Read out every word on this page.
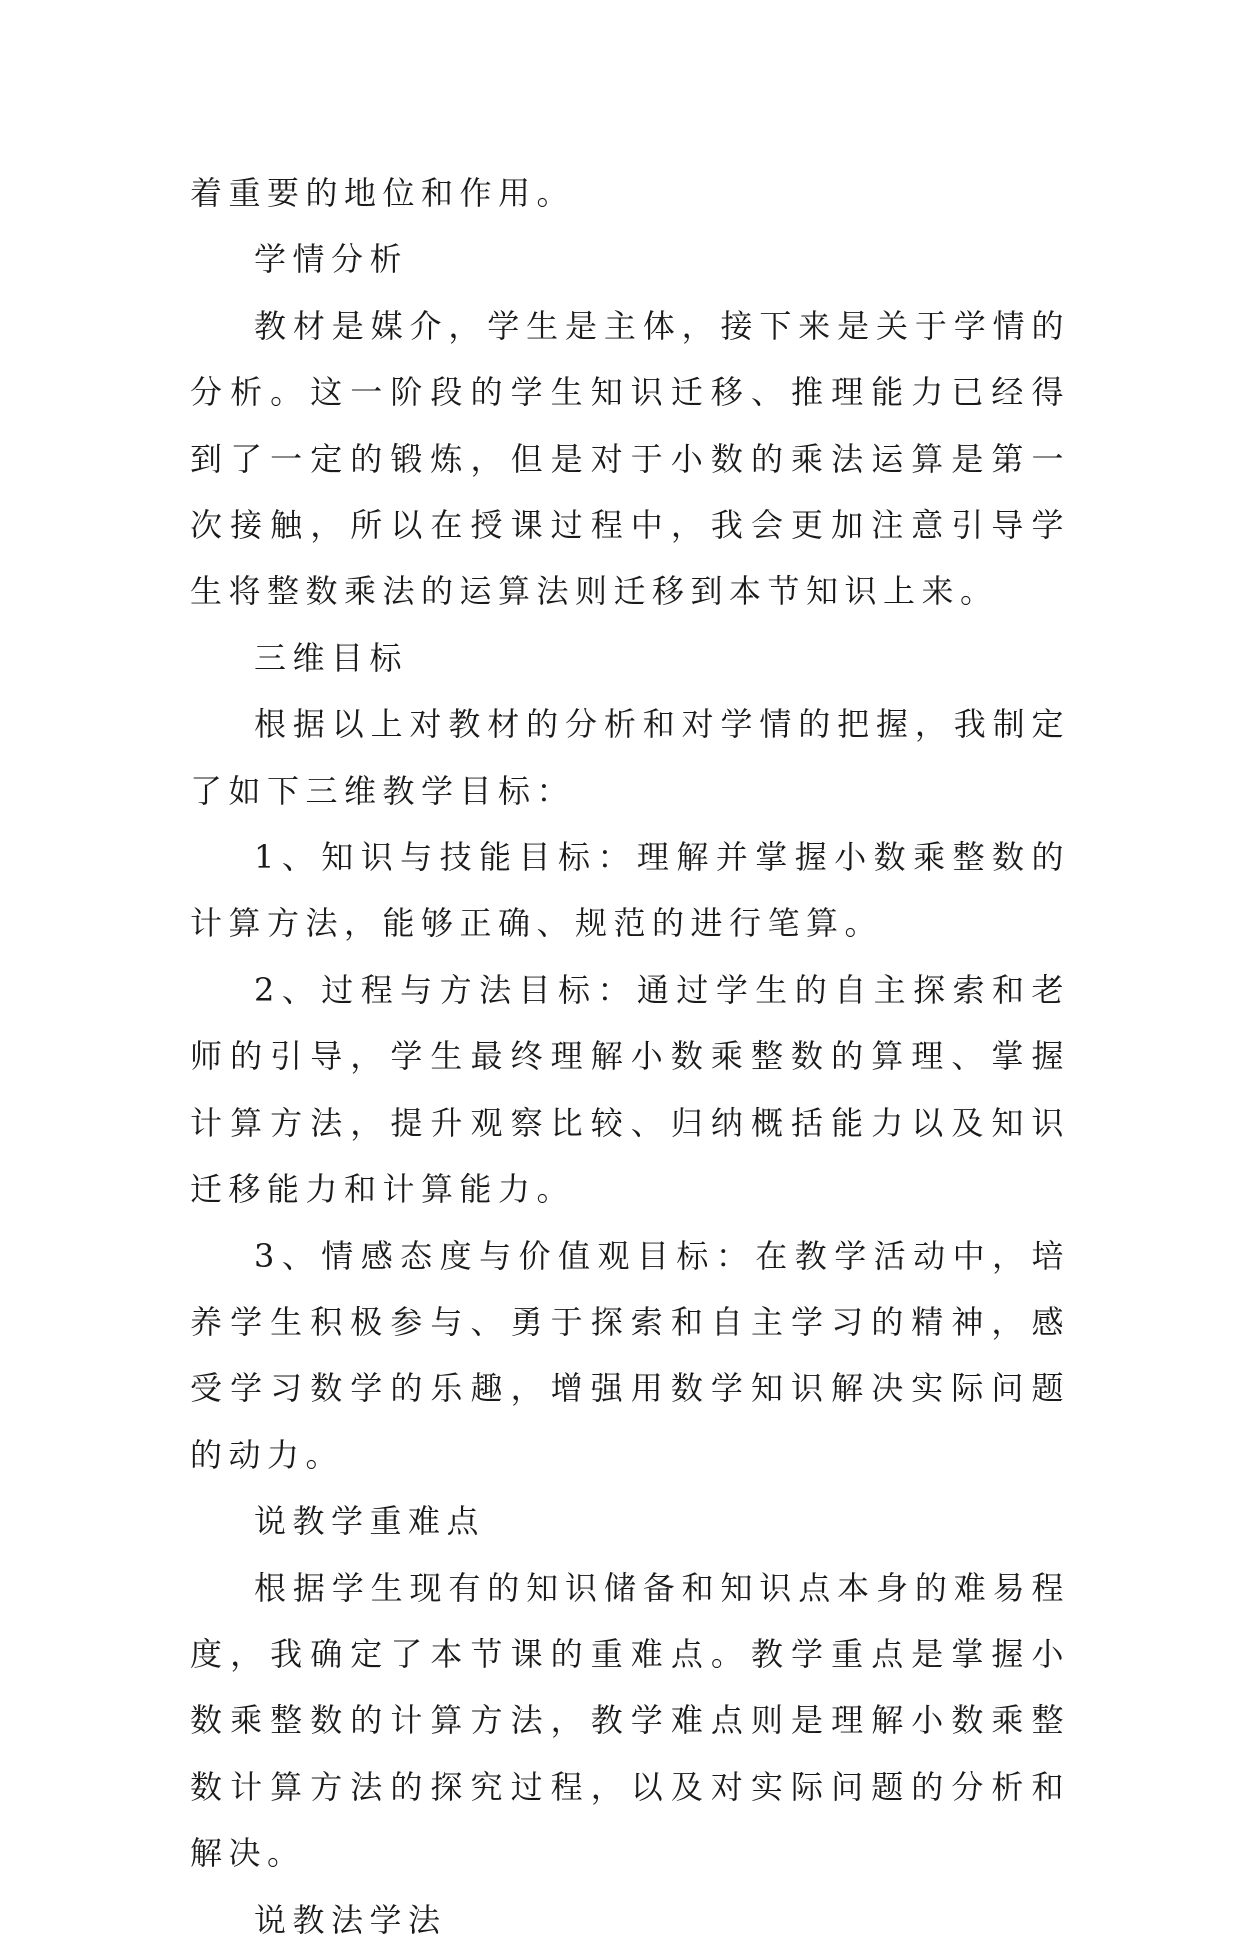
着重要的地位和作用。

学情分析

教材是媒介，学生是主体，接下来是关于学情的分析。这一阶段的学生知识迁移、推理能力已经得到了一定的锻炼，但是对于小数的乘法运算是第一次接触，所以在授课过程中，我会更加注意引导学生将整数乘法的运算法则迁移到本节知识上来。

三维目标

根据以上对教材的分析和对学情的把握，我制定了如下三维教学目标：

1、知识与技能目标：理解并掌握小数乘整数的计算方法，能够正确、规范的进行笔算。

2、过程与方法目标：通过学生的自主探索和老师的引导，学生最终理解小数乘整数的算理、掌握计算方法，提升观察比较、归纳概括能力以及知识迁移能力和计算能力。

3、情感态度与价值观目标：在教学活动中，培养学生积极参与、勇于探索和自主学习的精神，感受学习数学的乐趣，增强用数学知识解决实际问题的动力。

说教学重难点

根据学生现有的知识储备和知识点本身的难易程度，我确定了本节课的重难点。教学重点是掌握小数乘整数的计算方法，教学难点则是理解小数乘整数计算方法的探究过程，以及对实际问题的分析和解决。

说教法学法
